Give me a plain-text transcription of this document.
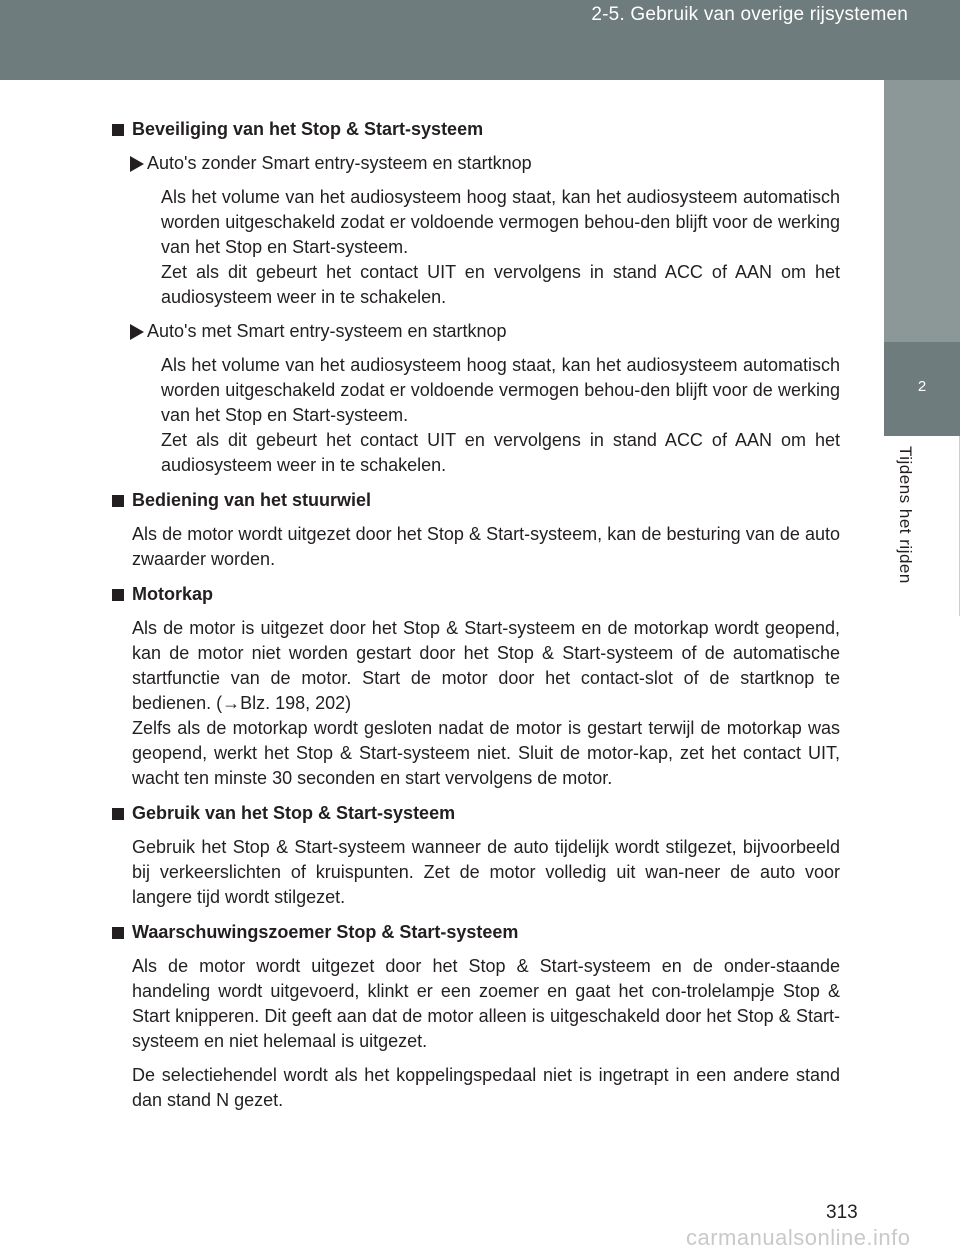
2-5. Gebruik van overige rijsystemen
2
Tijdens het rijden
Beveiliging van het Stop & Start-systeem
Auto's zonder Smart entry-systeem en startknop

Als het volume van het audiosysteem hoog staat, kan het audiosysteem automatisch worden uitgeschakeld zodat er voldoende vermogen behou-den blijft voor de werking van het Stop en Start-systeem.

Zet als dit gebeurt het contact UIT en vervolgens in stand ACC of AAN om het audiosysteem weer in te schakelen.

Auto's met Smart entry-systeem en startknop

Als het volume van het audiosysteem hoog staat, kan het audiosysteem automatisch worden uitgeschakeld zodat er voldoende vermogen behou-den blijft voor de werking van het Stop en Start-systeem.

Zet als dit gebeurt het contact UIT en vervolgens in stand ACC of AAN om het audiosysteem weer in te schakelen.

Bediening van het stuurwiel

Als de motor wordt uitgezet door het Stop & Start-systeem, kan de besturing van de auto zwaarder worden.

Motorkap

Als de motor is uitgezet door het Stop & Start-systeem en de motorkap wordt geopend, kan de motor niet worden gestart door het Stop & Start-systeem of de automatische startfunctie van de motor. Start de motor door het contact-slot of de startknop te bedienen. (→Blz. 198, 202)

Zelfs als de motorkap wordt gesloten nadat de motor is gestart terwijl de motorkap was geopend, werkt het Stop & Start-systeem niet. Sluit de motor-kap, zet het contact UIT, wacht ten minste 30 seconden en start vervolgens de motor.

Gebruik van het Stop & Start-systeem

Gebruik het Stop & Start-systeem wanneer de auto tijdelijk wordt stilgezet, bijvoorbeeld bij verkeerslichten of kruispunten. Zet de motor volledig uit wan-neer de auto voor langere tijd wordt stilgezet.

Waarschuwingszoemer Stop & Start-systeem

Als de motor wordt uitgezet door het Stop & Start-systeem en de onder-staande handeling wordt uitgevoerd, klinkt er een zoemer en gaat het con-trolelampje Stop & Start knipperen. Dit geeft aan dat de motor alleen is uitgeschakeld door het Stop & Start-systeem en niet helemaal is uitgezet.

De selectiehendel wordt als het koppelingspedaal niet is ingetrapt in een andere stand dan stand N gezet.

313
carmanualsonline.info
